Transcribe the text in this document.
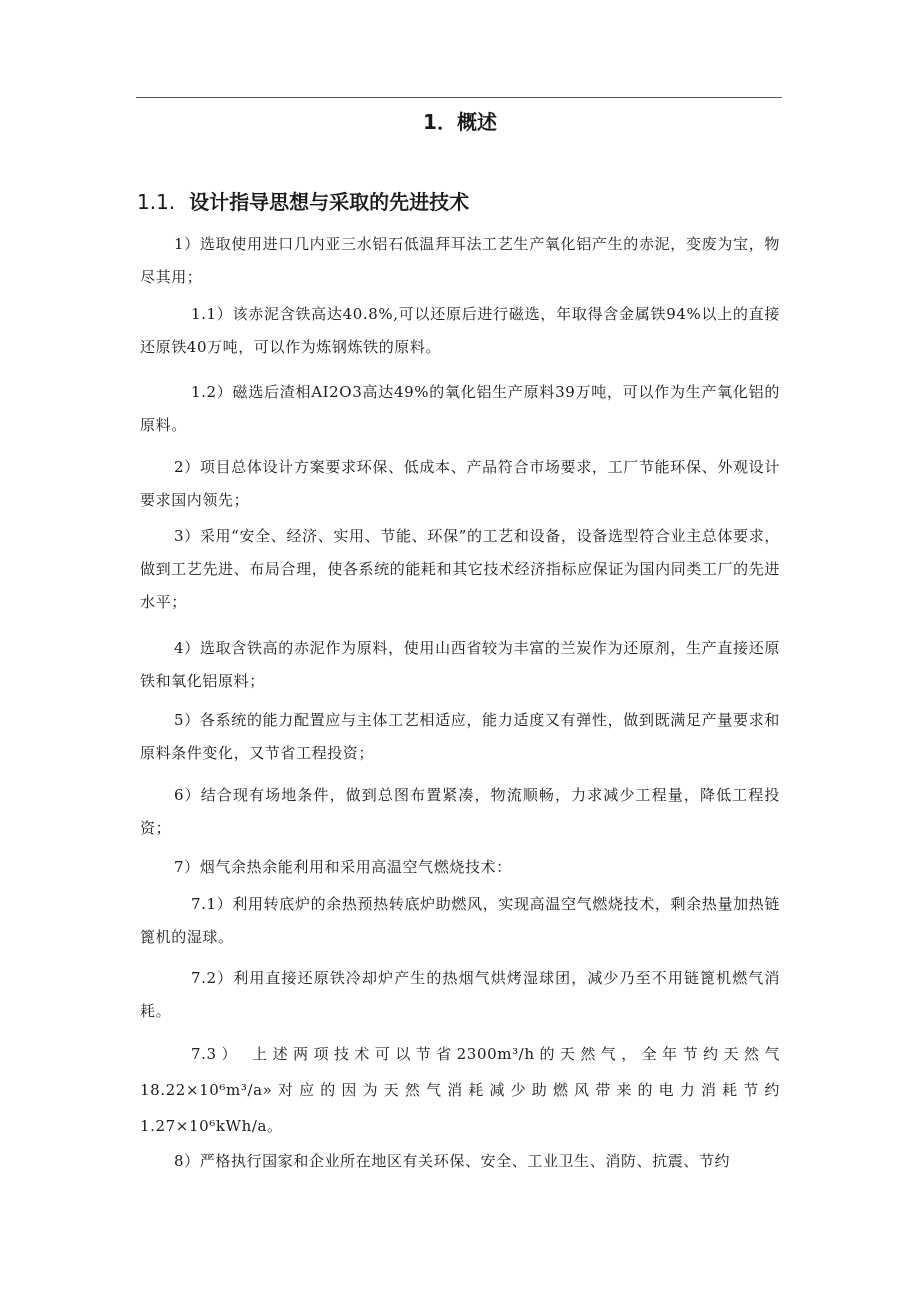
1．概述
1.1. 设计指导思想与采取的先进技术
1）选取使用进口几内亚三水铝石低温拜耳法工艺生产氧化铝产生的赤泥，变废为宝，物尽其用；
1.1）该赤泥含铁高达40.8%,可以还原后进行磁选，年取得含金属铁94%以上的直接还原铁40万吨，可以作为炼钢炼铁的原料。
1.2）磁选后渣相AI2O3高达49%的氧化铝生产原料39万吨，可以作为生产氧化铝的原料。
2）项目总体设计方案要求环保、低成本、产品符合市场要求，工厂节能环保、外观设计要求国内领先；
3）采用“安全、经济、实用、节能、环保”的工艺和设备，设备选型符合业主总体要求，做到工艺先进、布局合理，使各系统的能耗和其它技术经济指标应保证为国内同类工厂的先进水平；
4）选取含铁高的赤泥作为原料，使用山西省较为丰富的兰炭作为还原剂，生产直接还原铁和氧化铝原料；
5）各系统的能力配置应与主体工艺相适应，能力适度又有弹性，做到既满足产量要求和原料条件变化，又节省工程投资；
6）结合现有场地条件，做到总图布置紧凑，物流顺畅，力求减少工程量，降低工程投资；
7）烟气余热余能利用和采用高温空气燃烧技术：
7.1）利用转底炉的余热预热转底炉助燃风，实现高温空气燃烧技术，剩余热量加热链篦机的湿球。
7.2）利用直接还原铁冷却炉产生的热烟气烘烤湿球团，减少乃至不用链篦机燃气消耗。
7.3） 上述两项技术可以节省2300m³/h的天然气，全年节约天然气18.22×10⁶m³/a»对应的因为天然气消耗减少助燃风带来的电力消耗节约1.27×10⁶kWh/a。
8）严格执行国家和企业所在地区有关环保、安全、工业卫生、消防、抗震、节约
